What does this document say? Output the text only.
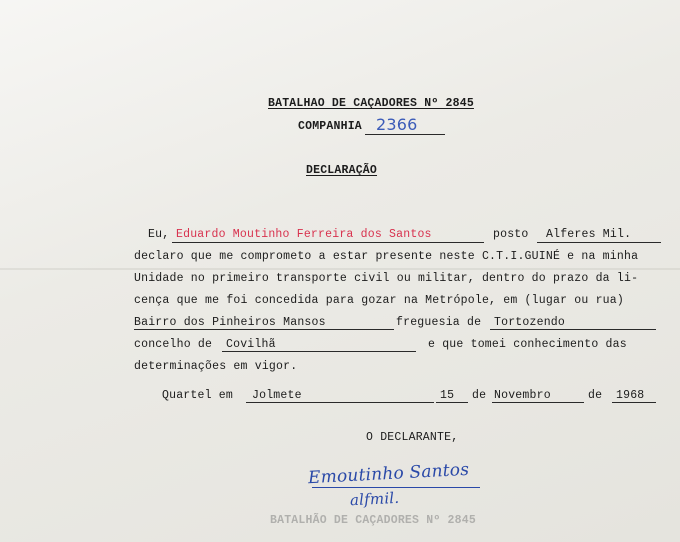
BATALHAO DE CAÇADORES Nº 2845
COMPANHIA 2366
DECLARAÇÃO
Eu, Eduardo Moutinho Ferreira dos Santos	posto Alferes Mil.
declaro que me comprometo a estar presente neste C.T.I.GUINÉ e na minha
Unidade no primeiro transporte civil ou militar, dentro do prazo da li-
cença que me foi concedida para gozar na Metrópole, em (lugar ou rua)
Bairro dos Pinheiros Mansos	freguesia de Tortozendo
concelho de Covilhã	e que tomei conhecimento das
determinações em vigor.
Quartel em Jolmete	15 de Novembro	de 1968
O DECLARANTE,
Emoutinho Santos
alfmil.
BATALHÃO DE CAÇADORES Nº 2845
